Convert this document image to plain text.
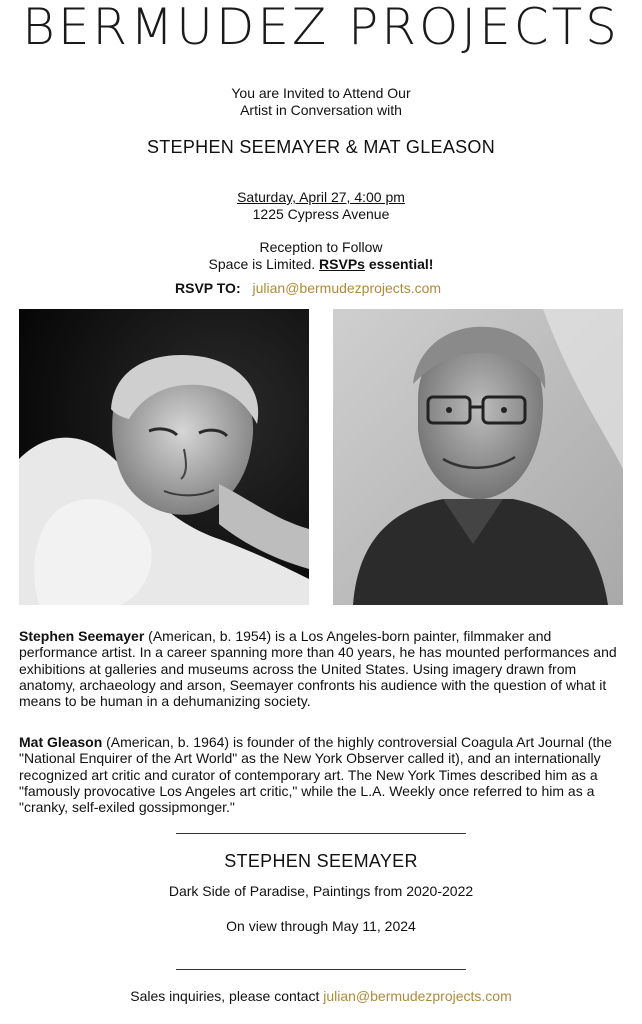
BERMUDEZ PROJECTS
You are Invited to Attend Our
Artist in Conversation with
STEPHEN SEEMAYER & MAT GLEASON
Saturday, April 27, 4:00 pm
1225 Cypress Avenue
Reception to Follow
Space is Limited. RSVPs essential!
RSVP TO: julian@bermudezprojects.com
Stephen Seemayer (American, b. 1954) is a Los Angeles-born painter, filmmaker and performance artist. In a career spanning more than 40 years, he has mounted performances and exhibitions at galleries and museums across the United States. Using imagery drawn from anatomy, archaeology and arson, Seemayer confronts his audience with the question of what it means to be human in a dehumanizing society.
Mat Gleason (American, b. 1964) is founder of the highly controversial Coagula Art Journal (the "National Enquirer of the Art World" as the New York Observer called it), and an internationally recognized art critic and curator of contemporary art. The New York Times described him as a "famously provocative Los Angeles art critic," while the L.A. Weekly once referred to him as a "cranky, self-exiled gossipmonger."
STEPHEN SEEMAYER
Dark Side of Paradise, Paintings from 2020-2022
On view through May 11, 2024
Sales inquiries, please contact julian@bermudezprojects.com
